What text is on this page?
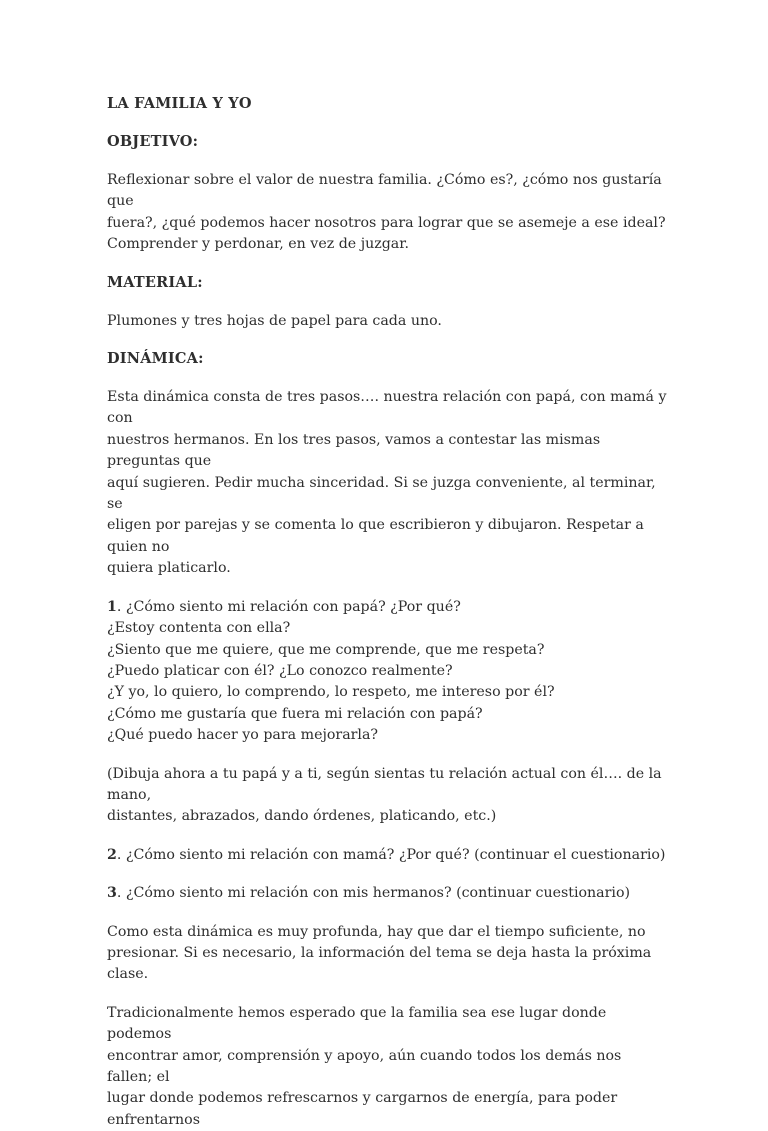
LA FAMILIA Y YO
OBJETIVO:

Reflexionar sobre el valor de nuestra familia. ¿Cómo es?, ¿cómo nos gustaría que
fuera?, ¿qué podemos hacer nosotros para lograr que se asemeje a ese ideal?
Comprender y perdonar, en vez de juzgar.

MATERIAL:

Plumones y tres hojas de papel para cada uno.

DINÁMICA:

Esta dinámica consta de tres pasos…. nuestra relación con papá, con mamá y con
nuestros hermanos. En los tres pasos, vamos a contestar las mismas preguntas que
aquí sugieren. Pedir mucha sinceridad. Si se juzga conveniente, al terminar, se
eligen por parejas y se comenta lo que escribieron y dibujaron. Respetar a quien no
quiera platicarlo.

1. ¿Cómo siento mi relación con papá? ¿Por qué?
¿Estoy contenta con ella?
¿Siento que me quiere, que me comprende, que me respeta?
¿Puedo platicar con él? ¿Lo conozco realmente?
¿Y yo, lo quiero, lo comprendo, lo respeto, me intereso por él?
¿Cómo me gustaría que fuera mi relación con papá?
¿Qué puedo hacer yo para mejorarla?

(Dibuja ahora a tu papá y a ti, según sientas tu relación actual con él…. de la mano,
distantes, abrazados, dando órdenes, platicando, etc.)

2. ¿Cómo siento mi relación con mamá? ¿Por qué? (continuar el cuestionario)

3. ¿Cómo siento mi relación con mis hermanos? (continuar cuestionario)

Como esta dinámica es muy profunda, hay que dar el tiempo suficiente, no
presionar. Si es necesario, la información del tema se deja hasta la próxima clase.

Tradicionalmente hemos esperado que la familia sea ese lugar donde podemos
encontrar amor, comprensión y apoyo, aún cuando todos los demás nos fallen; el
lugar donde podemos refrescarnos y cargarnos de energía, para poder enfrentarnos
